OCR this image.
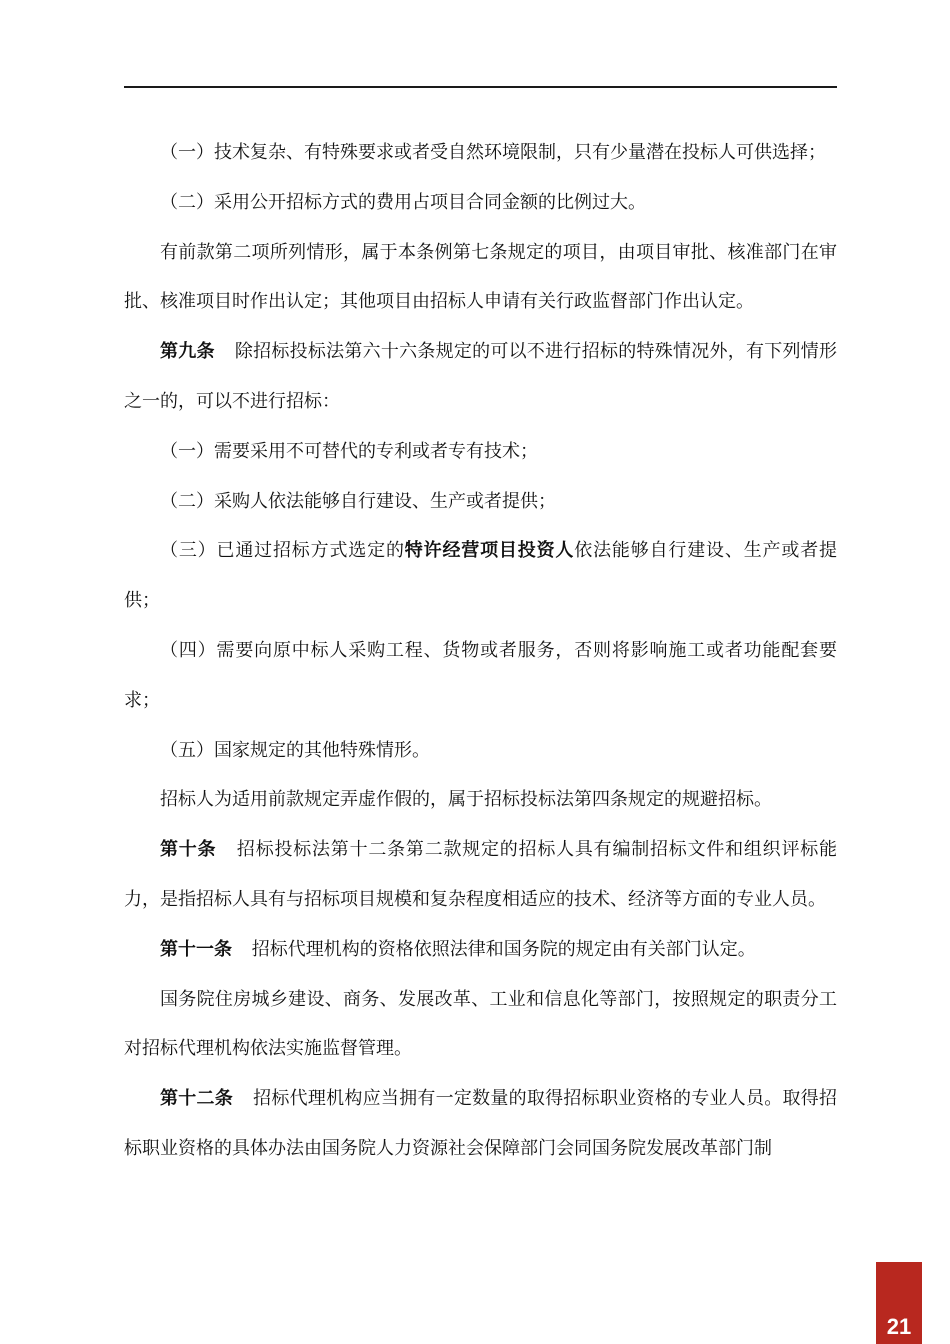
（一）技术复杂、有特殊要求或者受自然环境限制，只有少量潜在投标人可供选择；

（二）采用公开招标方式的费用占项目合同金额的比例过大。

有前款第二项所列情形，属于本条例第七条规定的项目，由项目审批、核准部门在审批、核准项目时作出认定；其他项目由招标人申请有关行政监督部门作出认定。

第九条 除招标投标法第六十六条规定的可以不进行招标的特殊情况外，有下列情形之一的，可以不进行招标：

（一）需要采用不可替代的专利或者专有技术；

（二）采购人依法能够自行建设、生产或者提供；

（三）已通过招标方式选定的特许经营项目投资人依法能够自行建设、生产或者提供；

（四）需要向原中标人采购工程、货物或者服务，否则将影响施工或者功能配套要求；

（五）国家规定的其他特殊情形。

招标人为适用前款规定弄虚作假的，属于招标投标法第四条规定的规避招标。

第十条 招标投标法第十二条第二款规定的招标人具有编制招标文件和组织评标能力，是指招标人具有与招标项目规模和复杂程度相适应的技术、经济等方面的专业人员。

第十一条 招标代理机构的资格依照法律和国务院的规定由有关部门认定。

国务院住房城乡建设、商务、发展改革、工业和信息化等部门，按照规定的职责分工对招标代理机构依法实施监督管理。

第十二条 招标代理机构应当拥有一定数量的取得招标职业资格的专业人员。取得招标职业资格的具体办法由国务院人力资源社会保障部门会同国务院发展改革部门制

21
